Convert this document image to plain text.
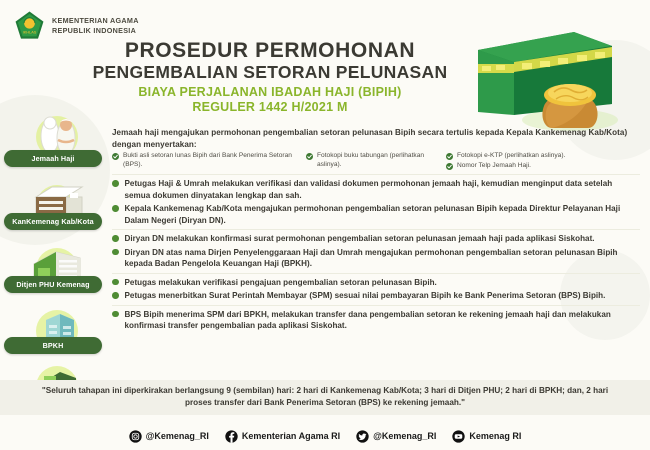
IKHLAS
KEMENTERIAN AGAMA
REPUBLIK INDONESIA
PROSEDUR PERMOHONAN
PENGEMBALIAN SETORAN PELUNASAN
BIAYA PERJALANAN IBADAH HAJI (BIPIH)
REGULER 1442 H/2021 M
Jemaah Haji
KanKemenag Kab/Kota
Ditjen PHU Kemenag
BPKH
Jemaah haji mengajukan permohonan pengembalian setoran pelunasan Bipih secara tertulis kepada Kepala Kankemenag Kab/Kota) dengan menyertakan:
Bukti asli setoran lunas Bipih dari Bank Penerima Setoran (BPS).
Fotokopi buku tabungan (perlihatkan aslinya).
Fotokopi e-KTP (perlihatkan aslinya).
Nomor Telp Jemaah Haji.
Petugas Haji & Umrah melakukan verifikasi dan validasi dokumen permohonan jemaah haji, kemudian menginput data setelah semua dokumen dinyatakan lengkap dan sah.
Kepala Kankemenag Kab/Kota mengajukan permohonan pengembalian setoran pelunasan Bipih kepada Direktur Pelayanan Haji Dalam Negeri (Diryan DN).
Diryan DN melakukan konfirmasi surat permohonan pengembalian setoran pelunasan jemaah haji pada aplikasi Siskohat.
Diryan DN atas nama Dirjen Penyelenggaraan Haji dan Umrah mengajukan permohonan pengembalian setoran pelunasan Bipih kepada Badan Pengelola Keuangan Haji (BPKH).
Petugas melakukan verifikasi pengajuan pengembalian setoran pelunasan Bipih.
Petugas menerbitkan Surat Perintah Membayar (SPM) sesuai nilai pembayaran Bipih ke Bank Penerima Setoran (BPS) Bipih.
BPS Bipih menerima SPM dari BPKH, melakukan transfer dana pengembalian setoran ke rekening jemaah haji dan melakukan konfirmasi transfer pengembalian pada aplikasi Siskohat.
"Seluruh tahapan ini diperkirakan berlangsung 9 (sembilan) hari: 2 hari di Kankemenag Kab/Kota; 3 hari di Ditjen PHU; 2 hari di BPKH; dan, 2 hari proses transfer dari Bank Penerima Setoran (BPS) ke rekening jemaah."
@Kemenag_RI	Kementerian Agama RI	@Kemenag_RI	Kemenag RI
